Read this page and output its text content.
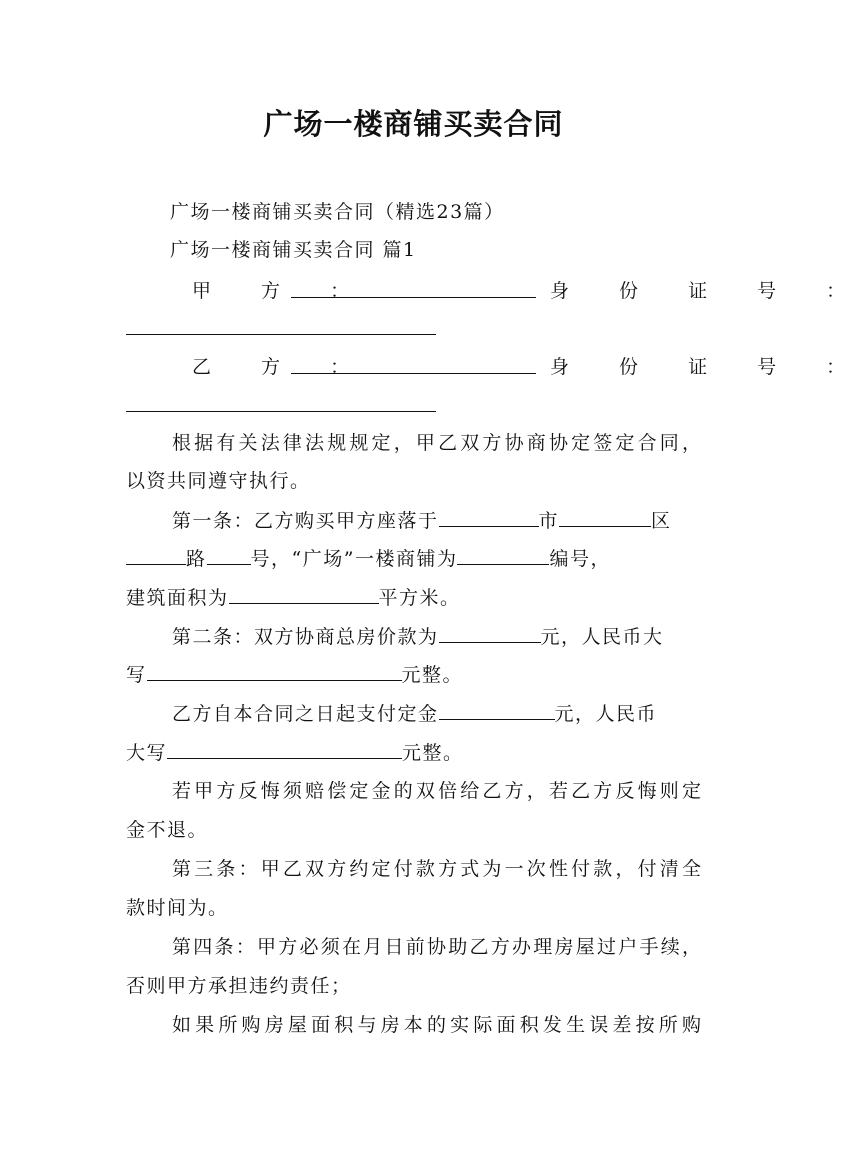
广场一楼商铺买卖合同
广场一楼商铺买卖合同（精选23篇）
广场一楼商铺买卖合同 篇1
甲 方 ：	身 份 证 号 ：
乙 方 ：	身 份 证 号 ：
根据有关法律法规规定，甲乙双方协商协定签定合同，
以资共同遵守执行。
第一条：乙方购买甲方座落于	市	区
路 号，“广场”一楼商铺为	编号，
建筑面积为	平方米。
第二条：双方协商总房价款为	元，人民币大
写	元整。
乙方自本合同之日起支付定金	元，人民币
大写	元整。
若甲方反悔须赔偿定金的双倍给乙方，若乙方反悔则定
金不退。
第三条：甲乙双方约定付款方式为一次性付款，付清全
款时间为。
第四条：甲方必须在月日前协助乙方办理房屋过户手续，
否则甲方承担违约责任；
如果所购房屋面积与房本的实际面积发生误差按所购
